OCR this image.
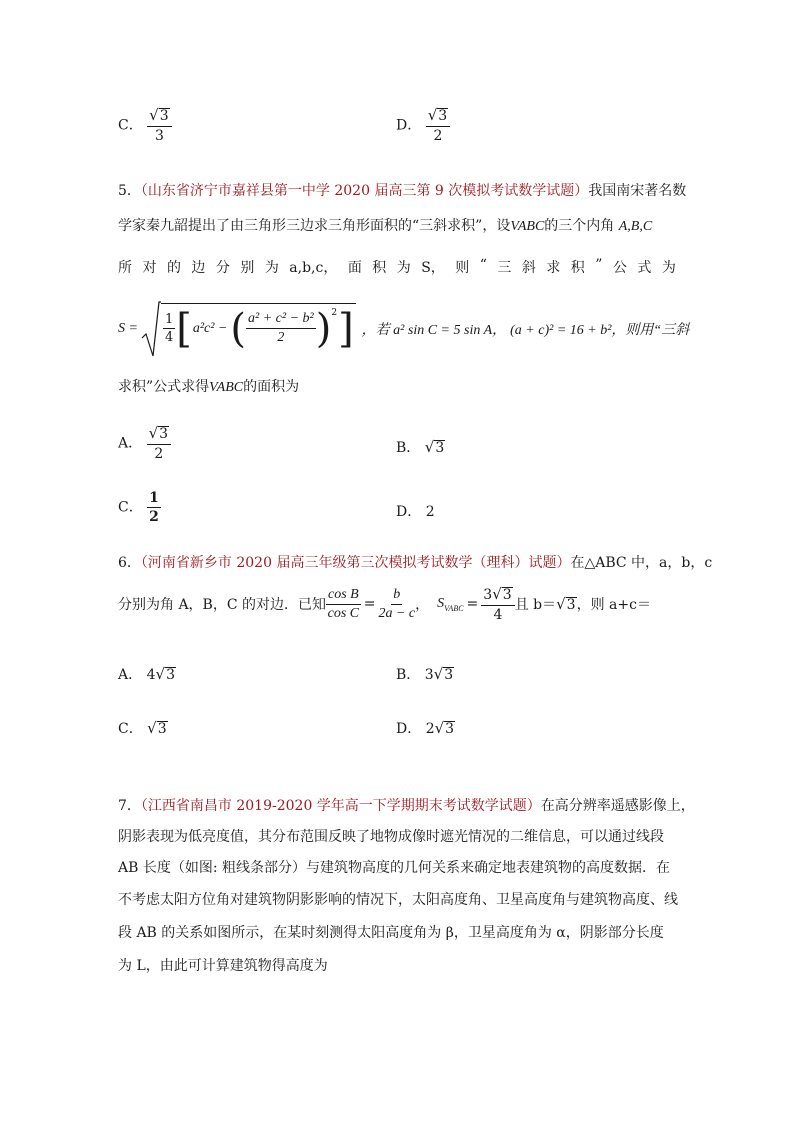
C． $\frac{√ 3}{3}$	D． $\frac{√ 3}{2}$
5．（山东省济宁市嘉祥县第一中学 2020 届高三第 9 次模拟考试数学试题）我国南宋著名数
学家秦九韶提出了由三角形三边求三角形面积的“三斜求积”，设VABC的三个内角 A,B,C
所 对 的 边 分 别 为 a,b,c， 面 积 为 S， 则 “ 三 斜 求 积 ” 公 式 为
$S = \frac{1}{4}$ [ a²c² − ( $\frac{\text{a² + c² − b²}}{2} )^2$ ] ，若 a² sin C = 5 sin A， (a + c)² = 16 + b²，则用“三斜
求积”公式求得VABC的面积为
A． $\frac{√ 3}{2}$	B． √ 3
C． $\frac{1}{2}$	D． 2
6．（河南省新乡市 2020 届高三年级第三次模拟考试数学（理科）试题）在△ABC 中，a，b，c
分别为角 A，B，C 的对边．已知 $\frac{\text{cos B}}{\text{cos C}} = \frac{b}{2a - c}$ ， $S_{VABC} = \frac{3 √ 3}{4}$ 且 b＝ √ 3 ，则 a+c＝
A． 4 √ 3	B． 3 √ 3
C． √ 3	D． 2 √ 3
7．（江西省南昌市 2019-2020 学年高一下学期期末考试数学试题）在高分辨率遥感影像上，
阴影表现为低亮度值，其分布范围反映了地物成像时遮光情况的二维信息，可以通过线段
AB 长度（如图: 粗线条部分）与建筑物高度的几何关系来确定地表建筑物的高度数据．在
不考虑太阳方位角对建筑物阴影影响的情况下，太阳高度角、卫星高度角与建筑物高度、线
段 AB 的关系如图所示，在某时刻测得太阳高度角为 β，卫星高度角为 α，阴影部分长度
为 L，由此可计算建筑物得高度为
